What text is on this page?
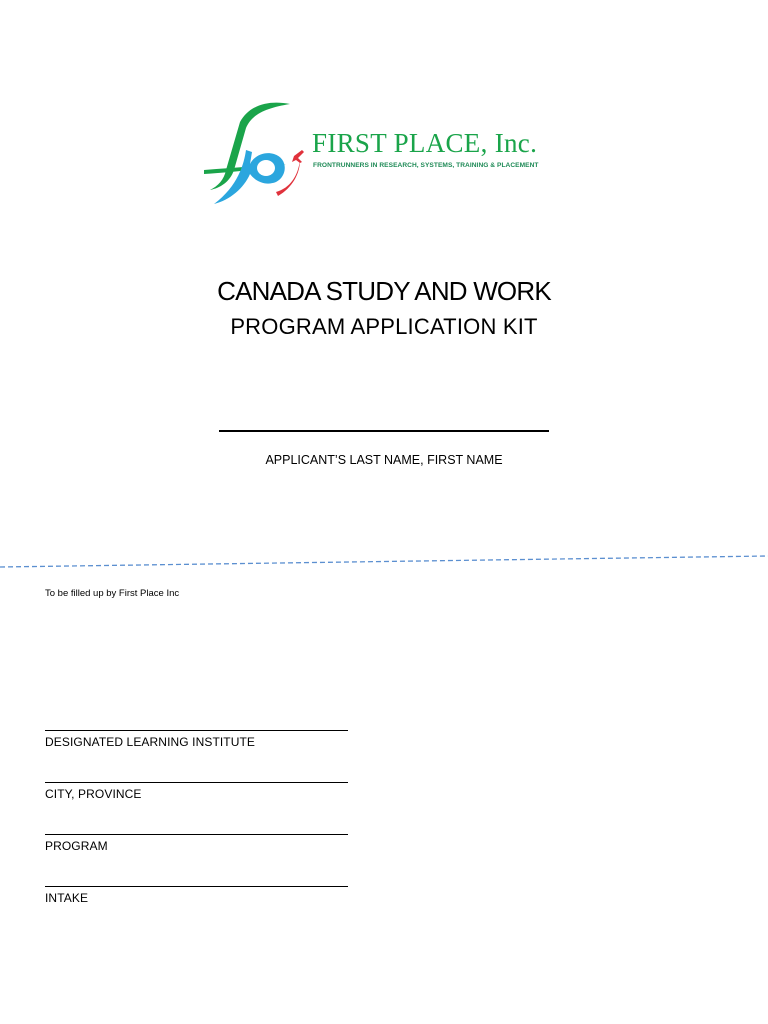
FIRST PLACE, Inc.
FRONTRUNNERS IN RESEARCH, SYSTEMS, TRAINING & PLACEMENT
CANADA STUDY AND WORK
PROGRAM APPLICATION KIT
APPLICANT’S LAST NAME, FIRST NAME
To be filled up by First Place Inc
DESIGNATED LEARNING INSTITUTE
CITY, PROVINCE
PROGRAM
INTAKE
